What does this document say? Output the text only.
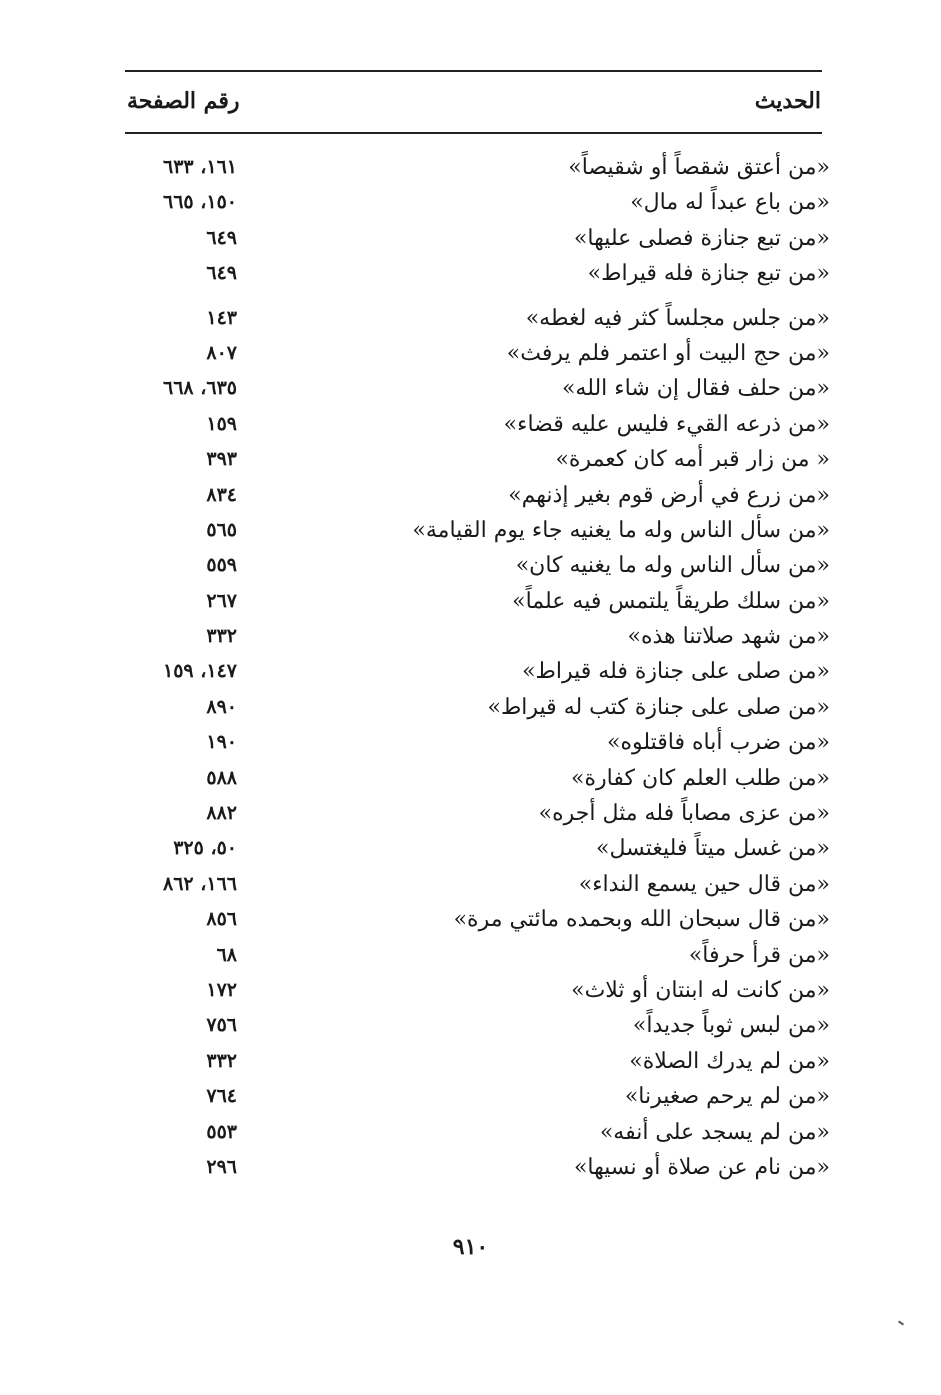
الحديث
رقم الصفحة
«من أعتق شقصاً أو شقيصاً»
١٦١، ٦٣٣
«من باع عبداً له مال»
١٥٠، ٦٦٥
«من تبع جنازة فصلى عليها»
٦٤٩
«من تبع جنازة فله قيراط»
٦٤٩
«من جلس مجلساً كثر فيه لغطه»
١٤٣
«من حج البيت أو اعتمر فلم يرفث»
٨٠٧
«من حلف فقال إن شاء الله»
٦٣٥، ٦٦٨
«من ذرعه القيء فليس عليه قضاء»
١٥٩
« من زار قبر أمه كان كعمرة»
٣٩٣
«من زرع في أرض قوم بغير إذنهم»
٨٣٤
«من سأل الناس وله ما يغنيه جاء يوم القيامة»
٥٦٥
«من سأل الناس وله ما يغنيه كان»
٥٥٩
«من سلك طريقاً يلتمس فيه علماً»
٢٦٧
«من شهد صلاتنا هذه»
٣٣٢
«من صلى على جنازة فله قيراط»
١٤٧، ١٥٩
«من صلى على جنازة كتب له قيراط»
٨٩٠
«من ضرب أباه فاقتلوه»
١٩٠
«من طلب العلم كان كفارة»
٥٨٨
«من عزى مصاباً فله مثل أجره»
٨٨٢
«من غسل ميتاً فليغتسل»
٥٠، ٣٢٥
«من قال حين يسمع النداء»
١٦٦، ٨٦٢
«من قال سبحان الله وبحمده مائتي مرة»
٨٥٦
«من قرأ حرفاً»
٦٨
«من كانت له ابنتان أو ثلاث»
١٧٢
«من لبس ثوباً جديداً»
٧٥٦
«من لم يدرك الصلاة»
٣٣٢
«من لم يرحم صغيرنا»
٧٦٤
«من لم يسجد على أنفه»
٥٥٣
«من نام عن صلاة أو نسيها»
٢٩٦
٩١٠
